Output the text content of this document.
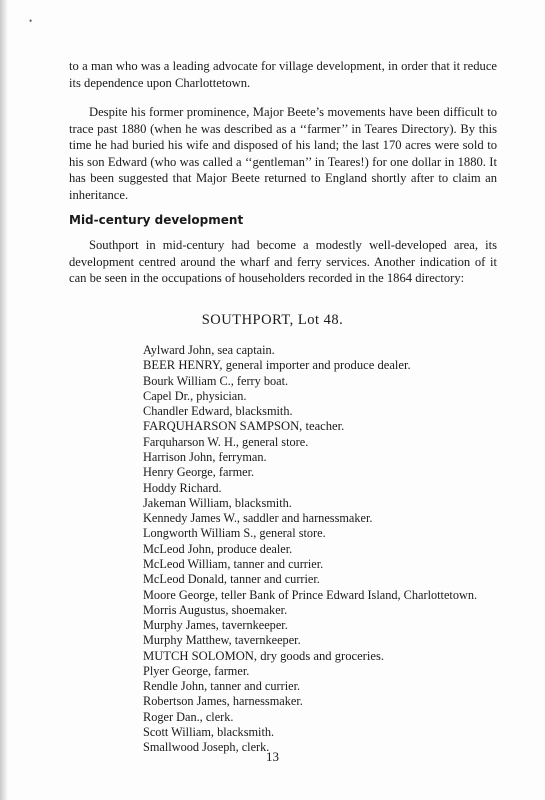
•

to a man who was a leading advocate for village development, in order that it reduce its dependence upon Charlottetown.

Despite his former prominence, Major Beete’s movements have been difficult to trace past 1880 (when he was described as a ‘‘farmer’’ in Teares Directory). By this time he had buried his wife and disposed of his land; the last 170 acres were sold to his son Edward (who was called a ‘‘gentleman’’ in Teares!) for one dollar in 1880. It has been suggested that Major Beete returned to England shortly after to claim an inheritance.

Mid-century development

Southport in mid-century had become a modestly well-developed area, its development centred around the wharf and ferry services. Another indication of it can be seen in the occupations of householders recorded in the 1864 directory:

SOUTHPORT, Lot 48.
Aylward John, sea captain.
BEER HENRY, general importer and produce dealer.
Bourk William C., ferry boat.
Capel Dr., physician.
Chandler Edward, blacksmith.
FARQUHARSON SAMPSON, teacher.
Farquharson W. H., general store.
Harrison John, ferryman.
Henry George, farmer.
Hoddy Richard.
Jakeman William, blacksmith.
Kennedy James W., saddler and harnessmaker.
Longworth William S., general store.
McLeod John, produce dealer.
McLeod William, tanner and currier.
McLeod Donald, tanner and currier.
Moore George, teller Bank of Prince Edward Island, Charlottetown.
Morris Augustus, shoemaker.
Murphy James, tavernkeeper.
Murphy Matthew, tavernkeeper.
MUTCH SOLOMON, dry goods and groceries.
Plyer George, farmer.
Rendle John, tanner and currier.
Robertson James, harnessmaker.
Roger Dan., clerk.
Scott William, blacksmith.
Smallwood Joseph, clerk.
13
